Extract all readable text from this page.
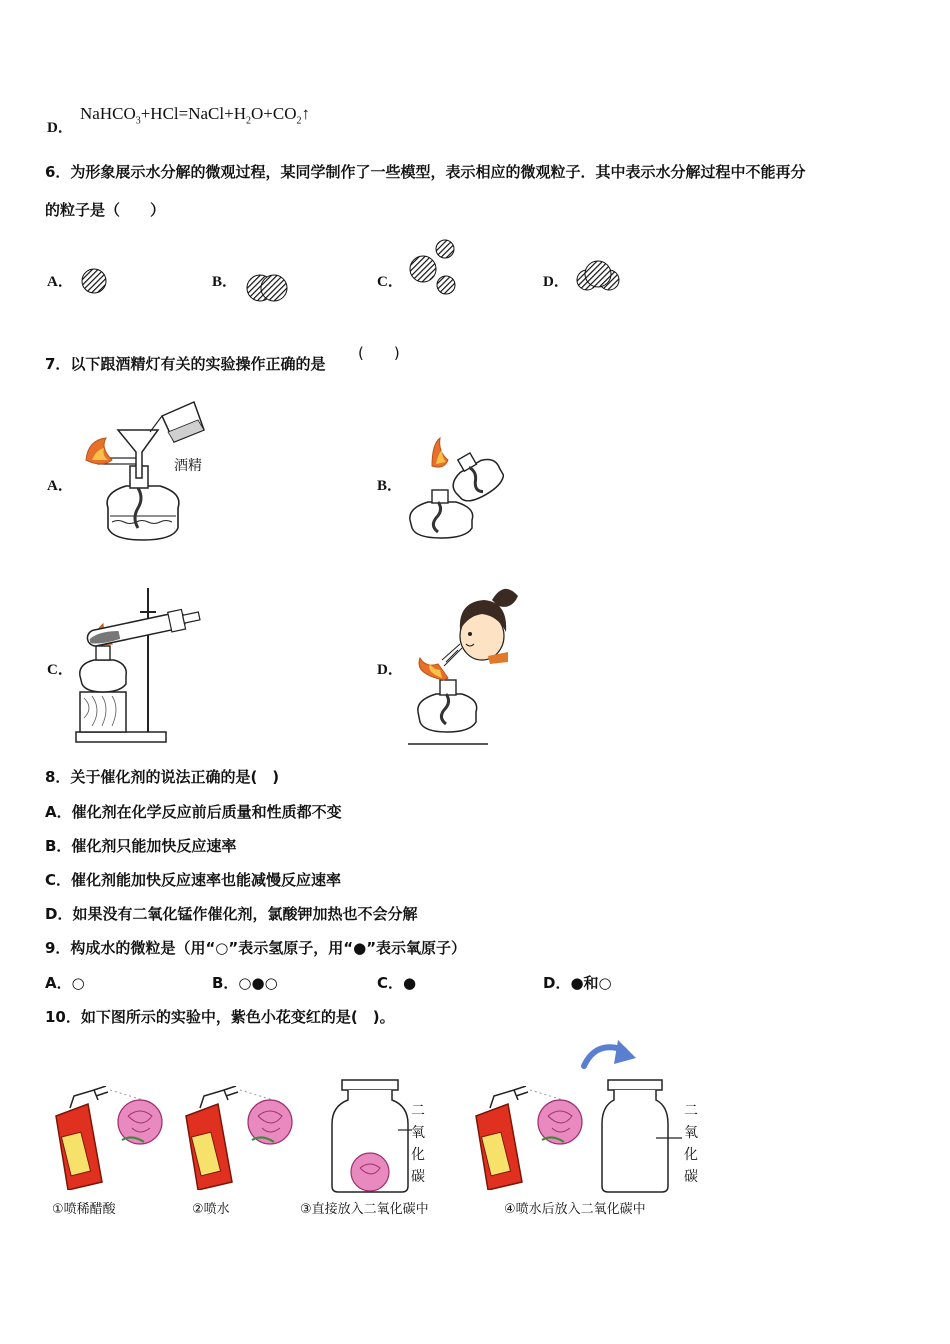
D．
$NaHCO_3+HCl=NaCl+H_2O+CO_2↑$
6．为形象展示水分解的微观过程，某同学制作了一些模型，表示相应的微观粒子．其中表示水分解过程中不能再分
的粒子是（　　）
A．	B．	C．	D．
7．以下跟酒精灯有关的实验操作正确的是
(　　)
A．
酒精
B．
C．	D．
8．关于催化剂的说法正确的是(　)
A．催化剂在化学反应前后质量和性质都不变
B．催化剂只能加快反应速率
C．催化剂能加快反应速率也能减慢反应速率
D．如果没有二氧化锰作催化剂，氯酸钾加热也不会分解
9．构成水的微粒是（用“○”表示氢原子，用“●”表示氧原子）
A．○	B．○●○	C．●	D．●和○
10．如下图所示的实验中，紫色小花变红的是(　)。
①喷稀醋酸	②喷水
二
氧
化
碳
③直接放入二氧化碳中
二
氧
化
碳
④喷水后放入二氧化碳中
